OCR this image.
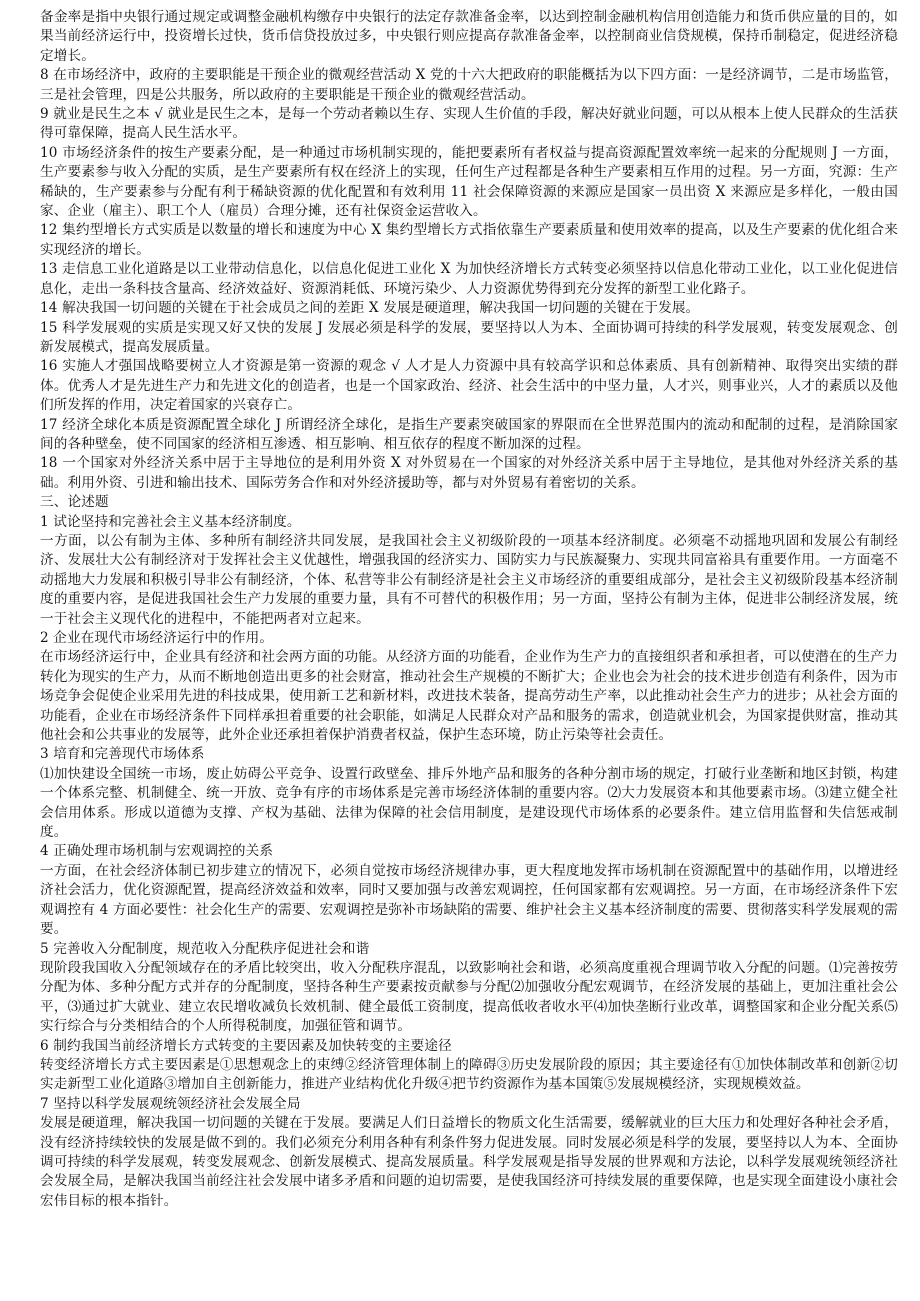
备金率是指中央银行通过规定或调整金融机构缴存中央银行的法定存款准备金率，以达到控制金融机构信用创造能力和货币供应量的目的，如果当前经济运行中，投资增长过快，货币信贷投放过多，中央银行则应提高存款准备金率，以控制商业信贷规模，保持币制稳定，促进经济稳定增长。

8 在市场经济中，政府的主要职能是干预企业的微观经营活动 X 党的十六大把政府的职能概括为以下四方面：一是经济调节，二是市场监管，三是社会管理，四是公共服务，所以政府的主要职能是干预企业的微观经营活动。

9 就业是民生之本 √ 就业是民生之本，是每一个劳动者赖以生存、实现人生价值的手段，解决好就业问题，可以从根本上使人民群众的生活获得可靠保障，提高人民生活水平。

10 市场经济条件的按生产要素分配，是一种通过市场机制实现的，能把要素所有者权益与提高资源配置效率统一起来的分配规则 J 一方面，生产要素参与收入分配的实质，是生产要素所有权在经济上的实现，任何生产过程都是各种生产要素相互作用的过程。另一方面，究源：生产稀缺的，生产要素参与分配有利于稀缺资源的优化配置和有效利用 11 社会保障资源的来源应是国家一员出资 X 来源应是多样化，一般由国家、企业（雇主）、职工个人（雇员）合理分摊，还有社保资金运营收入。

12 集约型增长方式实质是以数量的增长和速度为中心 X 集约型增长方式指依靠生产要素质量和使用效率的提高，以及生产要素的优化组合来实现经济的增长。

13 走信息工业化道路是以工业带动信息化，以信息化促进工业化 X 为加快经济增长方式转变必须坚持以信息化带动工业化，以工业化促进信息化，走出一条科技含量高、经济效益好、资源消耗低、环境污染少、人力资源优势得到充分发挥的新型工业化路子。

14 解决我国一切问题的关键在于社会成员之间的差距 X 发展是硬道理，解决我国一切问题的关键在于发展。

15 科学发展观的实质是实现又好又快的发展 J 发展必须是科学的发展，要坚持以人为本、全面协调可持续的科学发展观，转变发展观念、创新发展模式，提高发展质量。

16 实施人才强国战略要树立人才资源是第一资源的观念 √ 人才是人力资源中具有较高学识和总体素质、具有创新精神、取得突出实绩的群体。优秀人才是先进生产力和先进文化的创造者，也是一个国家政治、经济、社会生活中的中坚力量，人才兴，则事业兴，人才的素质以及他们所发挥的作用，决定着国家的兴衰存亡。

17 经济全球化本质是资源配置全球化 J 所谓经济全球化，是指生产要素突破国家的界限而在全世界范围内的流动和配制的过程，是消除国家间的各种壁垒，使不同国家的经济相互渗透、相互影响、相互依存的程度不断加深的过程。

18 一个国家对外经济关系中居于主导地位的是利用外资 X 对外贸易在一个国家的对外经济关系中居于主导地位，是其他对外经济关系的基础。利用外资、引进和输出技术、国际劳务合作和对外经济援助等，都与对外贸易有着密切的关系。

三、论述题

1 试论坚持和完善社会主义基本经济制度。

一方面，以公有制为主体、多种所有制经济共同发展，是我国社会主义初级阶段的一项基本经济制度。必须毫不动摇地巩固和发展公有制经济、发展壮大公有制经济对于发挥社会主义优越性，增强我国的经济实力、国防实力与民族凝聚力、实现共同富裕具有重要作用。一方面毫不动摇地大力发展和积极引导非公有制经济，个体、私营等非公有制经济是社会主义市场经济的重要组成部分，是社会主义初级阶段基本经济制度的重要内容，是促进我国社会生产力发展的重要力量，具有不可替代的积极作用；另一方面，坚持公有制为主体，促进非公制经济发展，统一于社会主义现代化的进程中，不能把两者对立起来。

2 企业在现代市场经济运行中的作用。

在市场经济运行中，企业具有经济和社会两方面的功能。从经济方面的功能看，企业作为生产力的直接组织者和承担者，可以使潜在的生产力转化为现实的生产力，从而不断地创造出更多的社会财富，推动社会生产规模的不断扩大；企业也会为社会的技术进步创造有利条件，因为市场竞争会促使企业采用先进的科技成果，使用新工艺和新材料，改进技术装备，提高劳动生产率，以此推动社会生产力的进步；从社会方面的功能看，企业在市场经济条件下同样承担着重要的社会职能，如满足人民群众对产品和服务的需求，创造就业机会，为国家提供财富，推动其他社会和公共事业的发展等，此外企业还承担着保护消费者权益，保护生态环境，防止污染等社会责任。

3 培育和完善现代市场体系

⑴加快建设全国统一市场，废止妨碍公平竞争、设置行政壁垒、排斥外地产品和服务的各种分割市场的规定，打破行业垄断和地区封锁，构建一个体系完整、机制健全、统一开放、竞争有序的市场体系是完善市场经济体制的重要内容。⑵大力发展资本和其他要素市场。⑶建立健全社会信用体系。形成以道德为支撑、产权为基础、法律为保障的社会信用制度，是建设现代市场体系的必要条件。建立信用监督和失信惩戒制度。

4 正确处理市场机制与宏观调控的关系

一方面，在社会经济体制已初步建立的情况下，必须自觉按市场经济规律办事，更大程度地发挥市场机制在资源配置中的基础作用，以增进经济社会活力，优化资源配置，提高经济效益和效率，同时又要加强与改善宏观调控，任何国家都有宏观调控。另一方面，在市场经济条件下宏观调控有 4 方面必要性：社会化生产的需要、宏观调控是弥补市场缺陷的需要、维护社会主义基本经济制度的需要、贯彻落实科学发展观的需要。

5 完善收入分配制度，规范收入分配秩序促进社会和谐

现阶段我国收入分配领域存在的矛盾比较突出，收入分配秩序混乱，以致影响社会和谐，必须高度重视合理调节收入分配的问题。⑴完善按劳分配为体、多种分配方式并存的分配制度，坚持各种生产要素按贡献参与分配⑵加强收分配宏观调节，在经济发展的基础上，更加注重社会公平，⑶通过扩大就业、建立农民增收减负长效机制、健全最低工资制度，提高低收者收水平⑷加快垄断行业改革，调整国家和企业分配关系⑸实行综合与分类相结合的个人所得税制度，加强征管和调节。

6 制约我国当前经济增长方式转变的主要因素及加快转变的主要途径

转变经济增长方式主要因素是①思想观念上的束缚②经济管理体制上的障碍③历史发展阶段的原因；其主要途径有①加快体制改革和创新②切实走新型工业化道路③增加自主创新能力，推进产业结构优化升级④把节约资源作为基本国策⑤发展规模经济，实现规模效益。

7 坚持以科学发展观统领经济社会发展全局

发展是硬道理，解决我国一切问题的关键在于发展。要满足人们日益增长的物质文化生活需要，缓解就业的巨大压力和处理好各种社会矛盾，没有经济持续较快的发展是做不到的。我们必须充分利用各种有利条件努力促进发展。同时发展必须是科学的发展，要坚持以人为本、全面协调可持续的科学发展观，转变发展观念、创新发展模式、提高发展质量。科学发展观是指导发展的世界观和方法论，以科学发展观统领经济社会发展全局，是解决我国当前经注社会发展中诸多矛盾和问题的迫切需要，是使我国经济可持续发展的重要保障，也是实现全面建设小康社会宏伟目标的根本指针。
